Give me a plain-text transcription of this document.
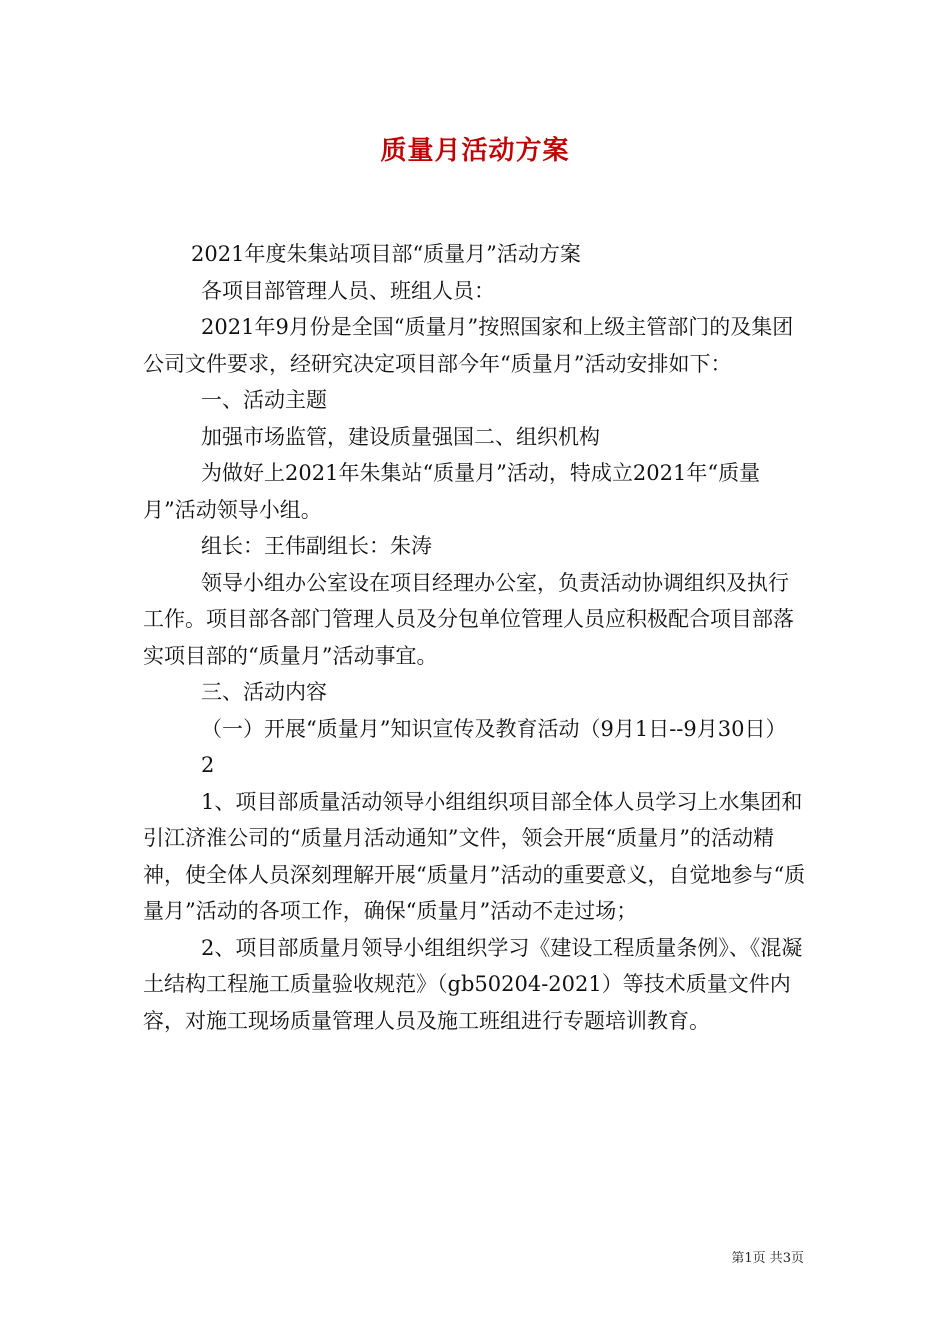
质量月活动方案

2021年度朱集站项目部“质量月”活动方案

各项目部管理人员、班组人员：

2021年9月份是全国“质量月”按照国家和上级主管部门的及集团公司文件要求，经研究决定项目部今年“质量月”活动安排如下：

一、活动主题

加强市场监管，建设质量强国二、组织机构

为做好上2021年朱集站“质量月”活动，特成立2021年“质量月”活动领导小组。

组长：王伟副组长：朱涛

领导小组办公室设在项目经理办公室，负责活动协调组织及执行工作。项目部各部门管理人员及分包单位管理人员应积极配合项目部落实项目部的“质量月”活动事宜。

三、活动内容

（一）开展“质量月”知识宣传及教育活动（9月1日--9月30日）

2

1、项目部质量活动领导小组组织项目部全体人员学习上水集团和引江济淮公司的“质量月活动通知”文件，领会开展“质量月”的活动精神，使全体人员深刻理解开展“质量月”活动的重要意义，自觉地参与“质量月”活动的各项工作，确保“质量月”活动不走过场；

2、项目部质量月领导小组组织学习《建设工程质量条例》、《混凝土结构工程施工质量验收规范》（gb50204-2021）等技术质量文件内容，对施工现场质量管理人员及施工班组进行专题培训教育。

第1页 共3页
